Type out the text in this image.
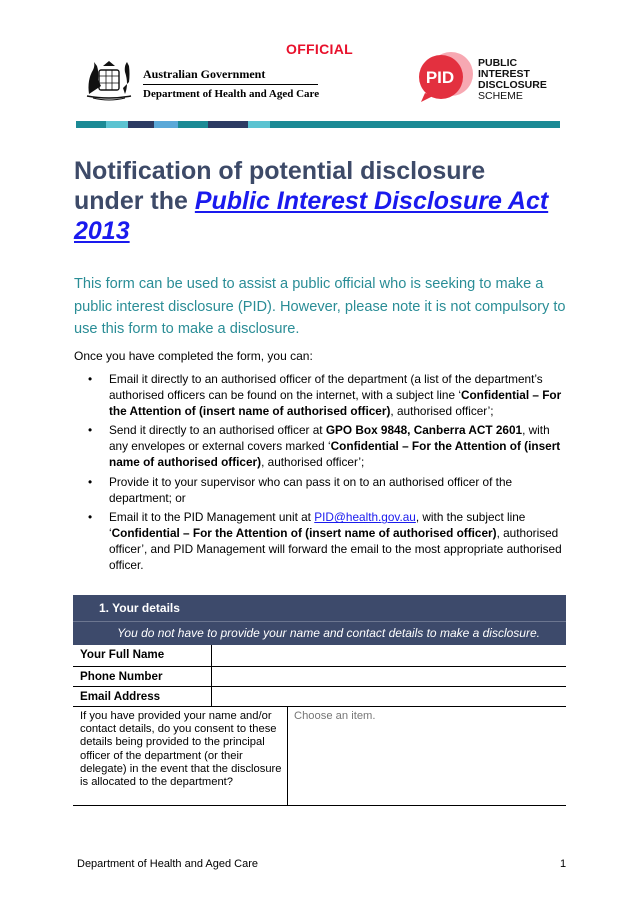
OFFICIAL
Australian Government
Department of Health and Aged Care
PID
PUBLIC
INTEREST
DISCLOSURE
SCHEME
Notification of potential disclosure
under the Public Interest Disclosure Act 2013

This form can be used to assist a public official who is seeking to make a public interest disclosure (PID). However, please note it is not compulsory to use this form to make a disclosure.

Once you have completed the form, you can:
• Email it directly to an authorised officer of the department (a list of the department’s authorised officers can be found on the internet, with a subject line ‘Confidential – For the Attention of (insert name of authorised officer), authorised officer’;
• Send it directly to an authorised officer at GPO Box 9848, Canberra ACT 2601, with any envelopes or external covers marked ‘Confidential – For the Attention of (insert name of authorised officer), authorised officer’;
• Provide it to your supervisor who can pass it on to an authorised officer of the department; or
• Email it to the PID Management unit at PID@health.gov.au, with the subject line ‘Confidential – For the Attention of (insert name of authorised officer), authorised officer’, and PID Management will forward the email to the most appropriate authorised officer.
1. Your details
You do not have to provide your name and contact details to make a disclosure.
Your Full Name
Phone Number
Email Address
If you have provided your name and/or contact details, do you consent to these details being provided to the principal officer of the department (or their delegate) in the event that the disclosure is allocated to the department?
Choose an item.
Department of Health and Aged Care	1
